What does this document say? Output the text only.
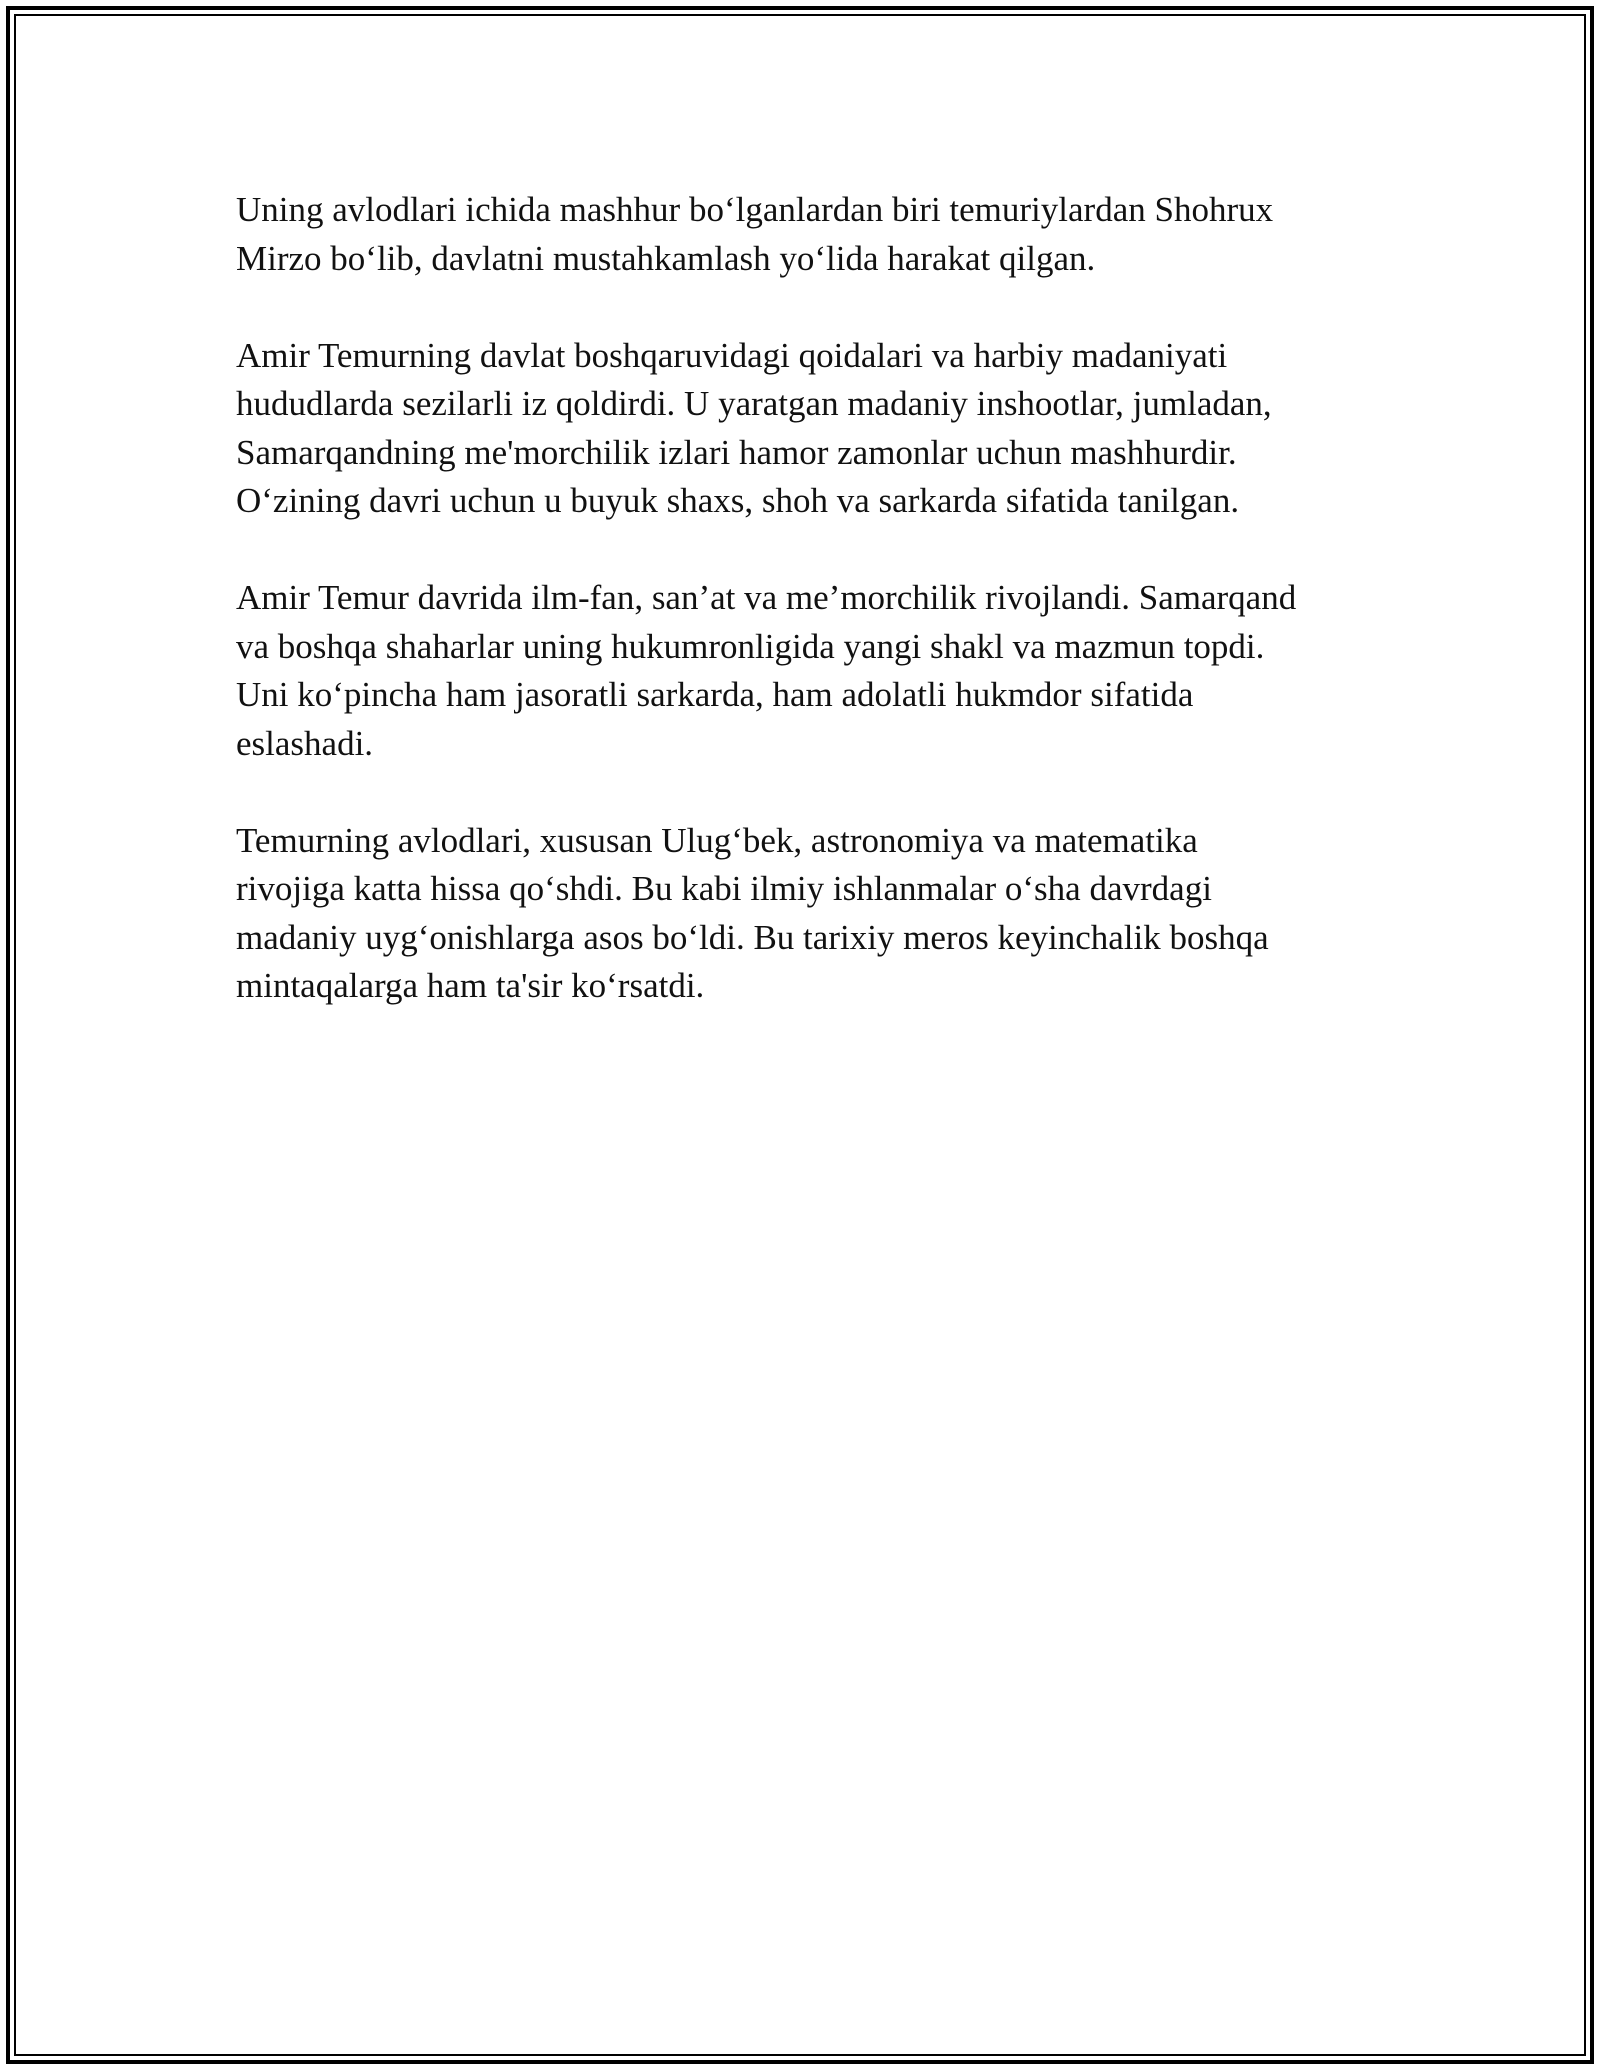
Uning avlodlari ichida mashhur bo‘lganlardan biri temuriylardan Shohrux
Mirzo bo‘lib, davlatni mustahkamlash yo‘lida harakat qilgan.

Amir Temurning davlat boshqaruvidagi qoidalari va harbiy madaniyati
hududlarda sezilarli iz qoldirdi. U yaratgan madaniy inshootlar, jumladan,
Samarqandning me'morchilik izlari hamor zamonlar uchun mashhurdir.
O‘zining davri uchun u buyuk shaxs, shoh va sarkarda sifatida tanilgan.

Amir Temur davrida ilm-fan, san’at va me’morchilik rivojlandi. Samarqand
va boshqa shaharlar uning hukumronligida yangi shakl va mazmun topdi.
Uni ko‘pincha ham jasoratli sarkarda, ham adolatli hukmdor sifatida
eslashadi.

Temurning avlodlari, xususan Ulug‘bek, astronomiya va matematika
rivojiga katta hissa qo‘shdi. Bu kabi ilmiy ishlanmalar o‘sha davrdagi
madaniy uyg‘onishlarga asos bo‘ldi. Bu tarixiy meros keyinchalik boshqa
mintaqalarga ham ta'sir ko‘rsatdi.
